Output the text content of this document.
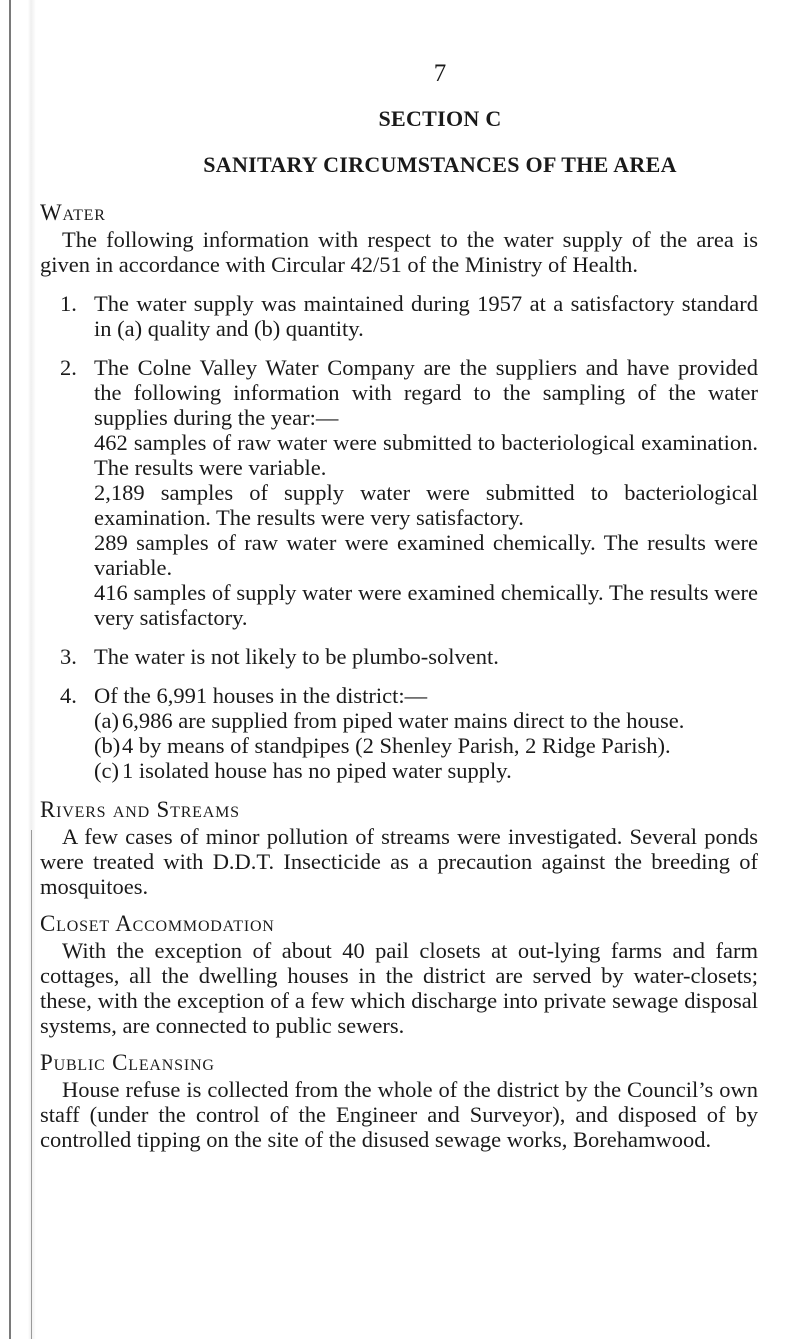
7
SECTION C
SANITARY CIRCUMSTANCES OF THE AREA
Water

The following information with respect to the water supply of the area is given in accordance with Circular 42/51 of the Ministry of Health.

1. The water supply was maintained during 1957 at a satisfactory standard in (a) quality and (b) quantity.
2. The Colne Valley Water Company are the suppliers and have provided the following information with regard to the sampling of the water supplies during the year:—
462 samples of raw water were submitted to bacteriological examination. The results were variable.
2,189 samples of supply water were submitted to bacteriological examination. The results were very satisfactory.
289 samples of raw water were examined chemically. The results were variable.
416 samples of supply water were examined chemically. The results were very satisfactory.
3. The water is not likely to be plumbo-solvent.
4. Of the 6,991 houses in the district:—
(a) 6,986 are supplied from piped water mains direct to the house.
(b) 4 by means of standpipes (2 Shenley Parish, 2 Ridge Parish).
(c) 1 isolated house has no piped water supply.
Rivers and Streams

A few cases of minor pollution of streams were investigated. Several ponds were treated with D.D.T. Insecticide as a precaution against the breeding of mosquitoes.

Closet Accommodation

With the exception of about 40 pail closets at out-lying farms and farm cottages, all the dwelling houses in the district are served by water-closets; these, with the exception of a few which discharge into private sewage disposal systems, are connected to public sewers.

Public Cleansing

House refuse is collected from the whole of the district by the Council’s own staff (under the control of the Engineer and Surveyor), and disposed of by controlled tipping on the site of the disused sewage works, Borehamwood.
